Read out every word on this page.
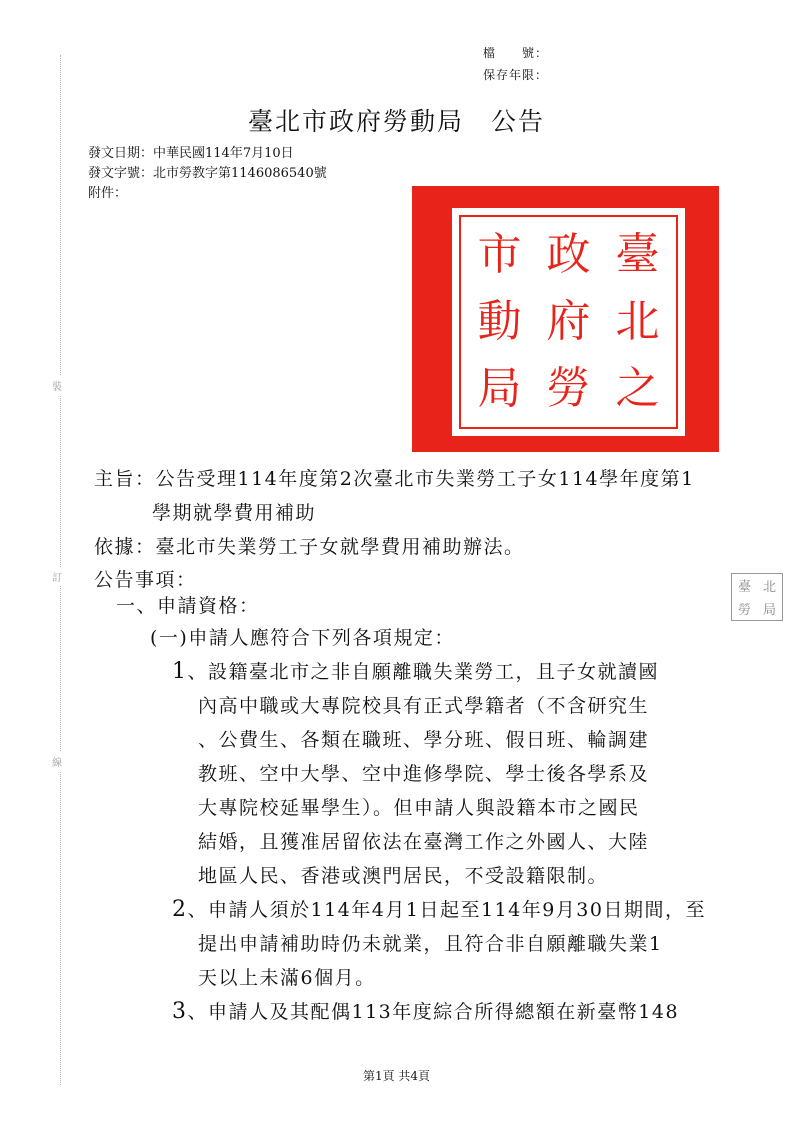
裝
訂
線
檔　　號：
保存年限：
臺北市政府勞動局　公告
發文日期：中華民國114年7月10日
發文字號：北市勞教字第1146086540號
附件：
市 政 臺
動 府 北
局 勞 之
臺 北
勞 局
主旨：公告受理114年度第2次臺北市失業勞工子女114學年度第1
學期就學費用補助
依據：臺北市失業勞工子女就學費用補助辦法。
公告事項：
一、申請資格：
(一)申請人應符合下列各項規定：
1、設籍臺北市之非自願離職失業勞工，且子女就讀國
內高中職或大專院校具有正式學籍者（不含研究生
、公費生、各類在職班、學分班、假日班、輪調建
教班、空中大學、空中進修學院、學士後各學系及
大專院校延畢學生）。但申請人與設籍本市之國民
結婚，且獲准居留依法在臺灣工作之外國人、大陸
地區人民、香港或澳門居民，不受設籍限制。
2、申請人須於114年4月1日起至114年9月30日期間，至
提出申請補助時仍未就業，且符合非自願離職失業1
天以上未滿6個月。
3、申請人及其配偶113年度綜合所得總額在新臺幣148
第1頁 共4頁
